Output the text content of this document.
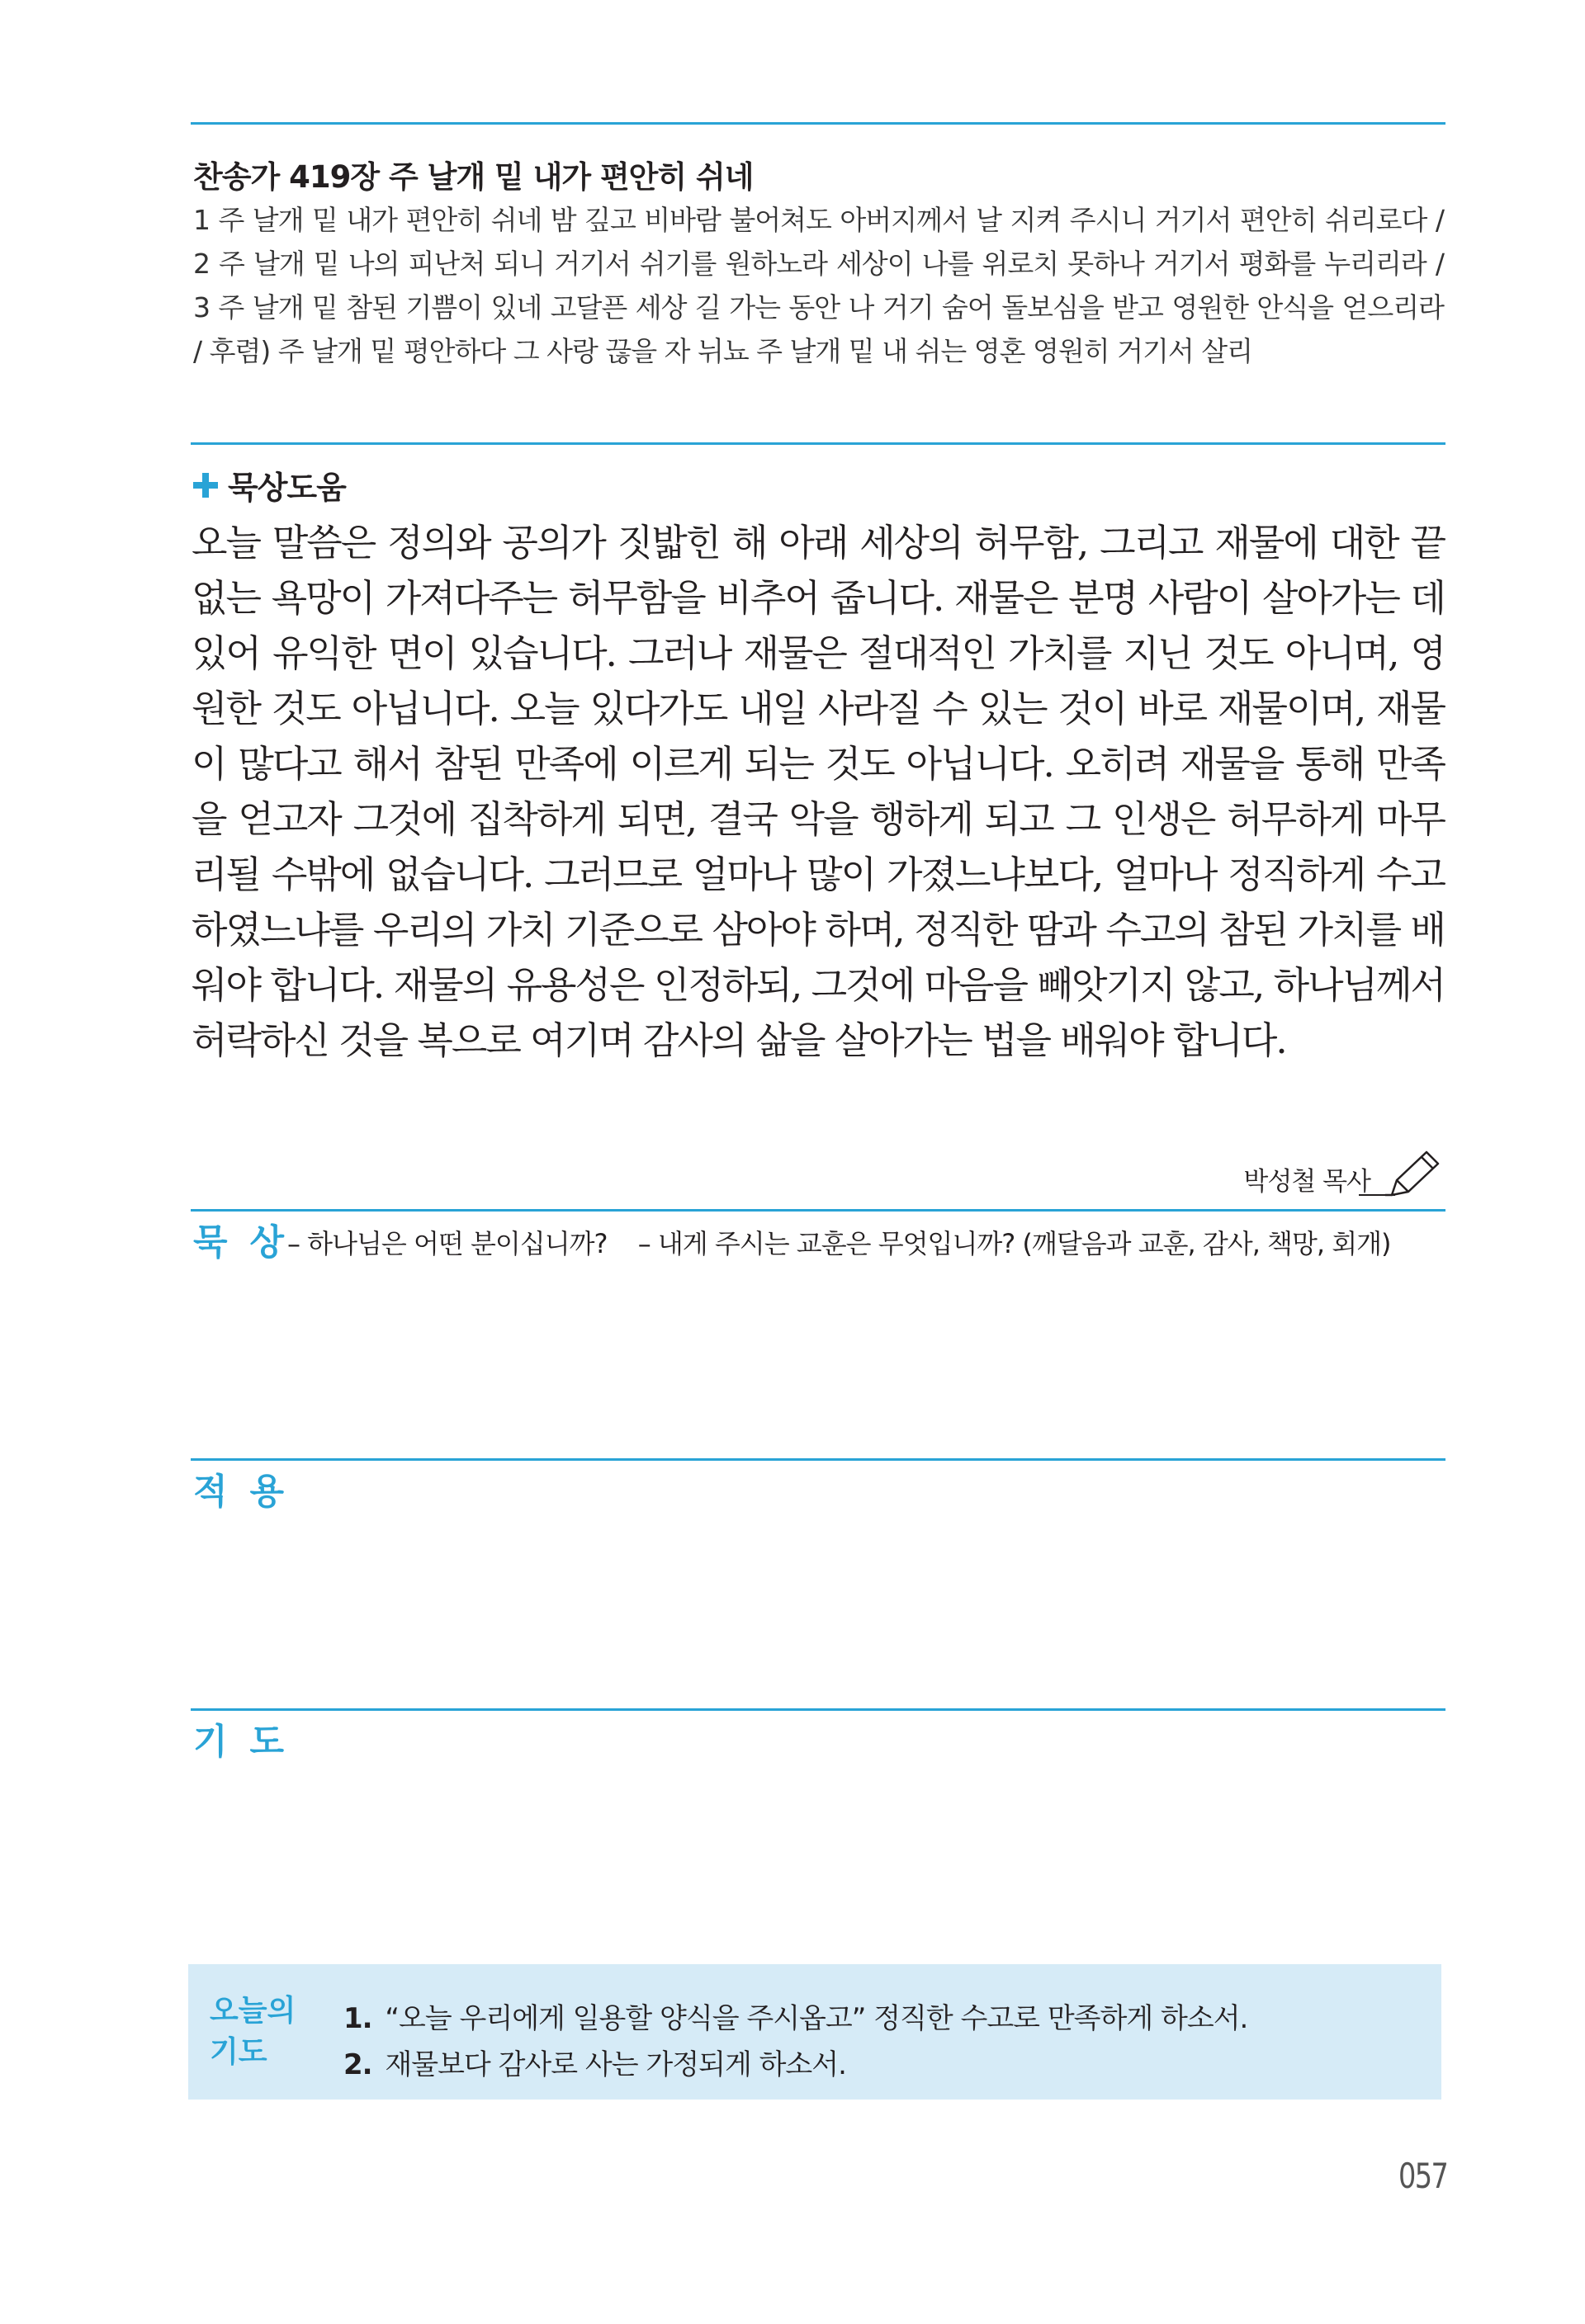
찬송가 419장 주 날개 밑 내가 편안히 쉬네
1 주 날개 밑 내가 편안히 쉬네 밤 깊고 비바람 불어쳐도 아버지께서 날 지켜 주시니 거기서 편안히 쉬리로다 / 2 주 날개 밑 나의 피난처 되니 거기서 쉬기를 원하노라 세상이 나를 위로치 못하나 거기서 평화를 누리리라 / 3 주 날개 밑 참된 기쁨이 있네 고달픈 세상 길 가는 동안 나 거기 숨어 돌보심을 받고 영원한 안식을 얻으리라 / 후렴) 주 날개 밑 평안하다 그 사랑 끊을 자 뉘뇨 주 날개 밑 내 쉬는 영혼 영원히 거기서 살리
묵상도움
오늘 말씀은 정의와 공의가 짓밟힌 해 아래 세상의 허무함, 그리고 재물에 대한 끝없는 욕망이 가져다주는 허무함을 비추어 줍니다. 재물은 분명 사람이 살아가는 데 있어 유익한 면이 있습니다. 그러나 재물은 절대적인 가치를 지닌 것도 아니며, 영원한 것도 아닙니다. 오늘 있다가도 내일 사라질 수 있는 것이 바로 재물이며, 재물이 많다고 해서 참된 만족에 이르게 되는 것도 아닙니다. 오히려 재물을 통해 만족을 얻고자 그것에 집착하게 되면, 결국 악을 행하게 되고 그 인생은 허무하게 마무리될 수밖에 없습니다. 그러므로 얼마나 많이 가졌느냐보다, 얼마나 정직하게 수고하였느냐를 우리의 가치 기준으로 삼아야 하며, 정직한 땀과 수고의 참된 가치를 배워야 합니다. 재물의 유용성은 인정하되, 그것에 마음을 빼앗기지 않고, 하나님께서 허락하신 것을 복으로 여기며 감사의 삶을 살아가는 법을 배워야 합니다.
박성철 목사
묵 상
– 하나님은 어떤 분이십니까? – 내게 주시는 교훈은 무엇입니까? (깨달음과 교훈, 감사, 책망, 회개)
적 용
기 도
오늘의
기도
1. “오늘 우리에게 일용할 양식을 주시옵고” 정직한 수고로 만족하게 하소서.
2. 재물보다 감사로 사는 가정되게 하소서.
057
